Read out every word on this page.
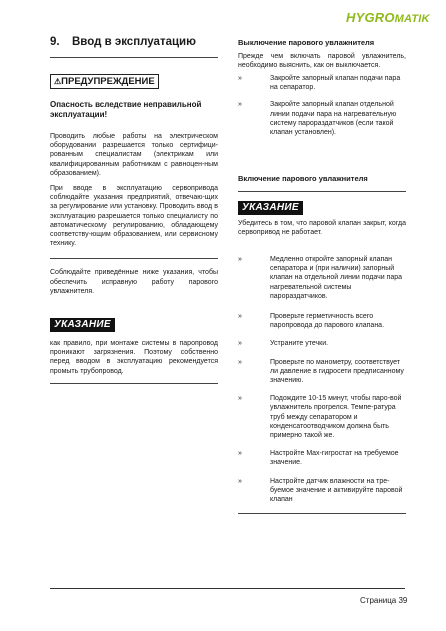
HYGROMATIK

9. Ввод в эксплуатацию

⚠ПРЕДУПРЕЖДЕНИЕ

Опасность вследствие неправильной эксплуатации!

Проводить любые работы на электрическом оборудовании разрешается только сертифици-рованным специалистам (электрикам или квалифицированным работникам с равноцен-ным образованием).

При вводе в эксплуатацию сервопривода соблюдайте указания предприятий, отвечаю-щих за регулирование или установку. Проводить ввод в эксплуатацию разрешается только специалисту по автоматическому регулированию, обладающему соответству-ющим образованием, или сервисному технику.

Соблюдайте приведённые ниже указания, чтобы обеспечить исправную работу парового увлажнителя.

УКАЗАНИЕ

как правило, при монтаже системы в паропровод проникают загрязнения. Поэтому собственно перед вводом в эксплуатацию рекомендуется промыть трубопровод.

Выключение парового увлажнителя

Прежде чем включать паровой увлажнитель, необходимо выяснить, как он выключается.

»	Закройте запорный клапан подачи пара на сепаратор.
»	Закройте запорный клапан отдельной линии подачи пара на нагревательную систему парораздатчиков (если такой клапан установлен).

Включение парового увлажнителя

УКАЗАНИЕ

Убедитесь в том, что паровой клапан закрыт, когда сервопривод не работает.

»	Медленно откройте запорный клапан сепаратора и (при наличии) запорный клапан на отдельной линии подачи пара нагревательной системы парораздатчиков.
»	Проверьте герметичность всего паропровода до парового клапана.
»	Устраните утечки.
»	Проверьте по манометру, соответствует ли давление в гидросети предписанному значению.
»	Подождите 10-15 минут, чтобы паро-вой увлажнитель прогрелся. Темпе-ратура труб между сепаратором и конденсатоотводчиком должна быть примерно такой же.
»	Настройте Max-гигростат на требуемое значение.
»	Настройте датчик влажности на тре-буемое значение и активируйте паровой клапан
Страница 39
